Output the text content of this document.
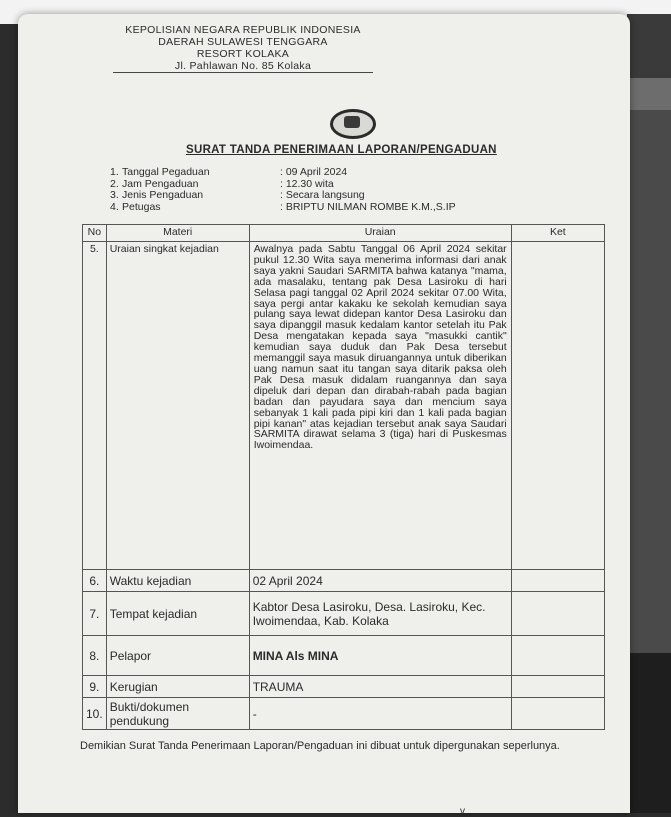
KEPOLISIAN NEGARA REPUBLIK INDONESIA
DAERAH SULAWESI TENGGARA
RESORT KOLAKA
Jl. Pahlawan No. 85 Kolaka
SURAT TANDA PENERIMAAN LAPORAN/PENGADUAN
1. Tanggal Pegaduan	: 09 April 2024
2. Jam Pengaduan	: 12.30 wita
3. Jenis Pengaduan	: Secara langsung
4. Petugas	: BRIPTU NILMAN ROMBE K.M.,S.IP
No	Materi	Uraian	Ket
5.	Uraian singkat kejadian	Awalnya pada Sabtu Tanggal 06 April 2024 sekitar pukul 12.30 Wita saya menerima informasi dari anak saya yakni Saudari SARMITA bahwa katanya "mama, ada masalaku, tentang pak Desa Lasiroku di hari Selasa pagi tanggal 02 April 2024 sekitar 07.00 Wita, saya pergi antar kakaku ke sekolah kemudian saya pulang saya lewat didepan kantor Desa Lasiroku dan saya dipanggil masuk kedalam kantor setelah itu Pak Desa mengatakan kepada saya "masukki cantik" kemudian saya duduk dan Pak Desa tersebut memanggil saya masuk diruangannya untuk diberikan uang namun saat itu tangan saya ditarik paksa oleh Pak Desa masuk didalam ruangannya dan saya dipeluk dari depan dan dirabah-rabah pada bagian badan dan payudara saya dan mencium saya sebanyak 1 kali pada pipi kiri dan 1 kali pada bagian pipi kanan" atas kejadian tersebut anak saya Saudari SARMITA dirawat selama 3 (tiga) hari di Puskesmas Iwoimendaa.	
6.	Waktu kejadian	02 April 2024	
7.	Tempat kejadian	Kabtor Desa Lasiroku, Desa. Lasiroku, Kec. Iwoimendaa, Kab. Kolaka	
8.	Pelapor	MINA Als MINA	
9.	Kerugian	TRAUMA	
10.	Bukti/dokumen pendukung	-	
Demikian Surat Tanda Penerimaan Laporan/Pengaduan ini dibuat untuk dipergunakan seperlunya.
v
